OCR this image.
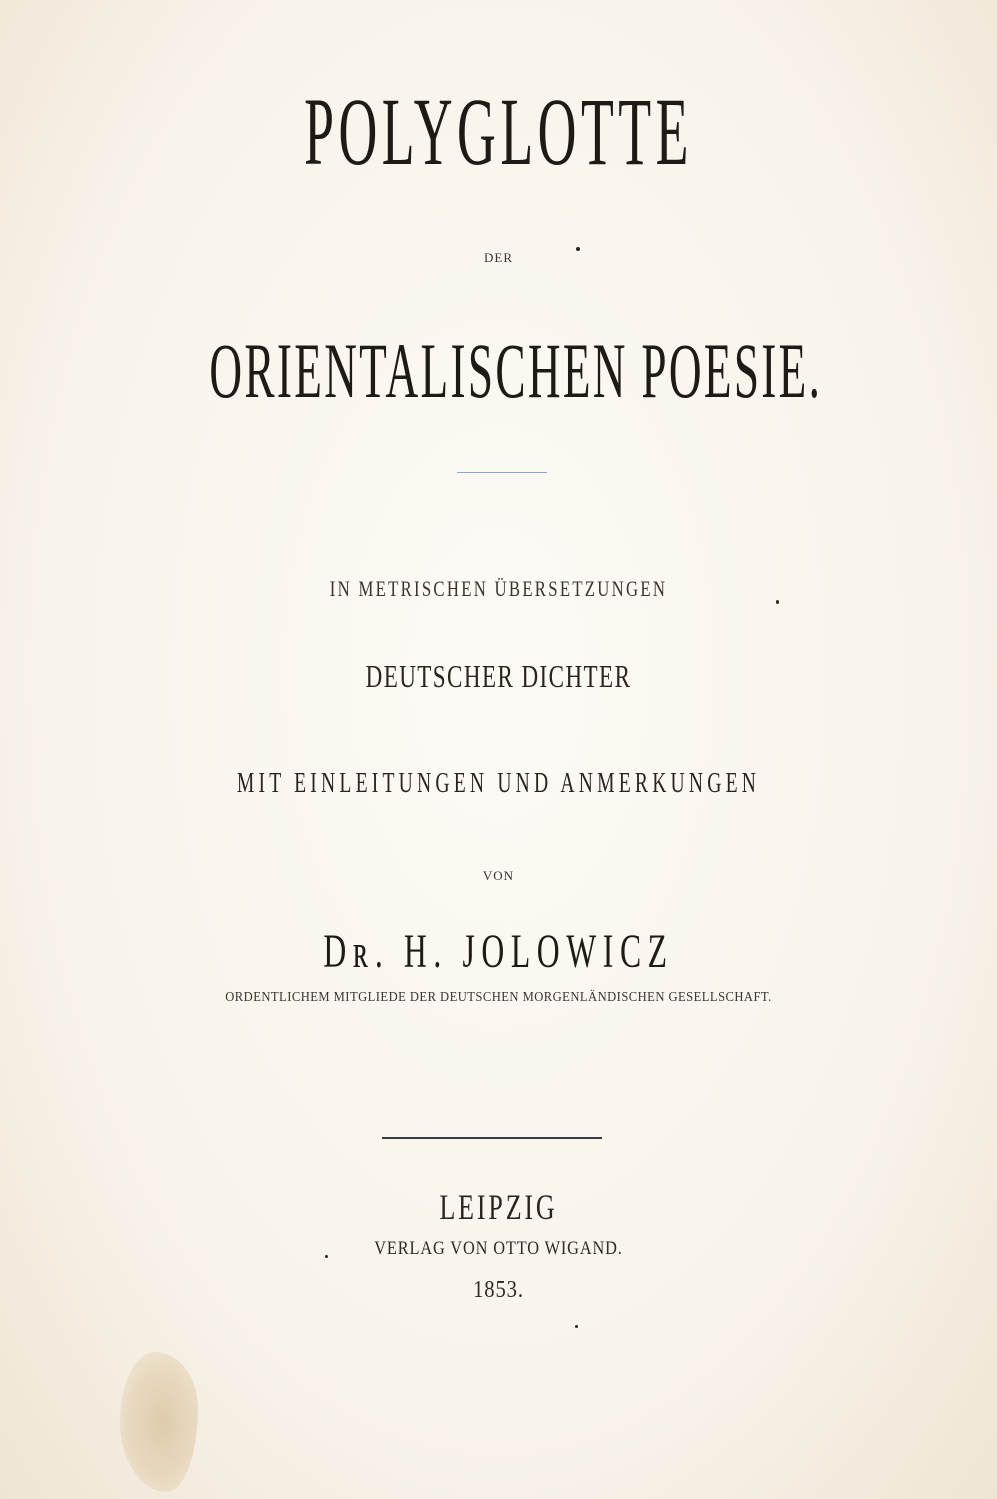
POLYGLOTTE
DER
ORIENTALISCHEN POESIE.
IN METRISCHEN ÜBERSETZUNGEN
DEUTSCHER DICHTER
MIT EINLEITUNGEN UND ANMERKUNGEN
VON
Dʀ. H. JOLOWICZ
ORDENTLICHEM MITGLIEDE DER DEUTSCHEN MORGENLÄNDISCHEN GESELLSCHAFT.
LEIPZIG
VERLAG VON OTTO WIGAND.
1853.
